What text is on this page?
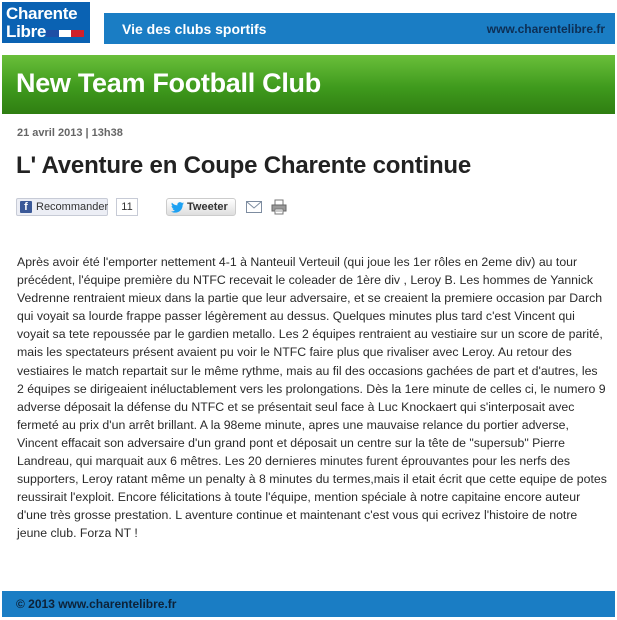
Charente
Libre	Vie des clubs sportifs	www.charentelibre.fr
New Team Football Club
21 avril 2013 | 13h38
L' Aventure en Coupe Charente continue
f Recommander	11	Tweeter

Après avoir été l'emporter nettement 4-1 à Nanteuil Verteuil (qui joue les 1er rôles en 2eme div) au tour précédent, l'équipe première du NTFC recevait le coleader de 1ère div , Leroy B. Les hommes de Yannick Vedrenne rentraient mieux dans la partie que leur adversaire, et se creaient la premiere occasion par Darch qui voyait sa lourde frappe passer légèrement au dessus. Quelques minutes plus tard c'est Vincent qui voyait sa tete repoussée par le gardien metallo. Les 2 équipes rentraient au vestiaire sur un score de parité, mais les spectateurs présent avaient pu voir le NTFC faire plus que rivaliser avec Leroy. Au retour des vestiaires le match repartait sur le même rythme, mais au fil des occasions gachées de part et d'autres, les 2 équipes se dirigeaient inéluctablement vers les prolongations. Dès la 1ere minute de celles ci, le numero 9 adverse déposait la défense du NTFC et se présentait seul face à Luc Knockaert qui s'interposait avec fermeté au prix d'un arrêt brillant. A la 98eme minute, apres une mauvaise relance du portier adverse, Vincent effacait son adversaire d'un grand pont et déposait un centre sur la tête de "supersub" Pierre Landreau, qui marquait aux 6 mêtres. Les 20 dernieres minutes furent éprouvantes pour les nerfs des supporters, Leroy ratant même un penalty à 8 minutes du termes,mais il etait écrit que cette equipe de potes reussirait l'exploit. Encore félicitations à toute l'équipe, mention spéciale à notre capitaine encore auteur d'une très grosse prestation. L aventure continue et maintenant c'est vous qui ecrivez l'histoire de notre jeune club. Forza NT !

© 2013 www.charentelibre.fr
